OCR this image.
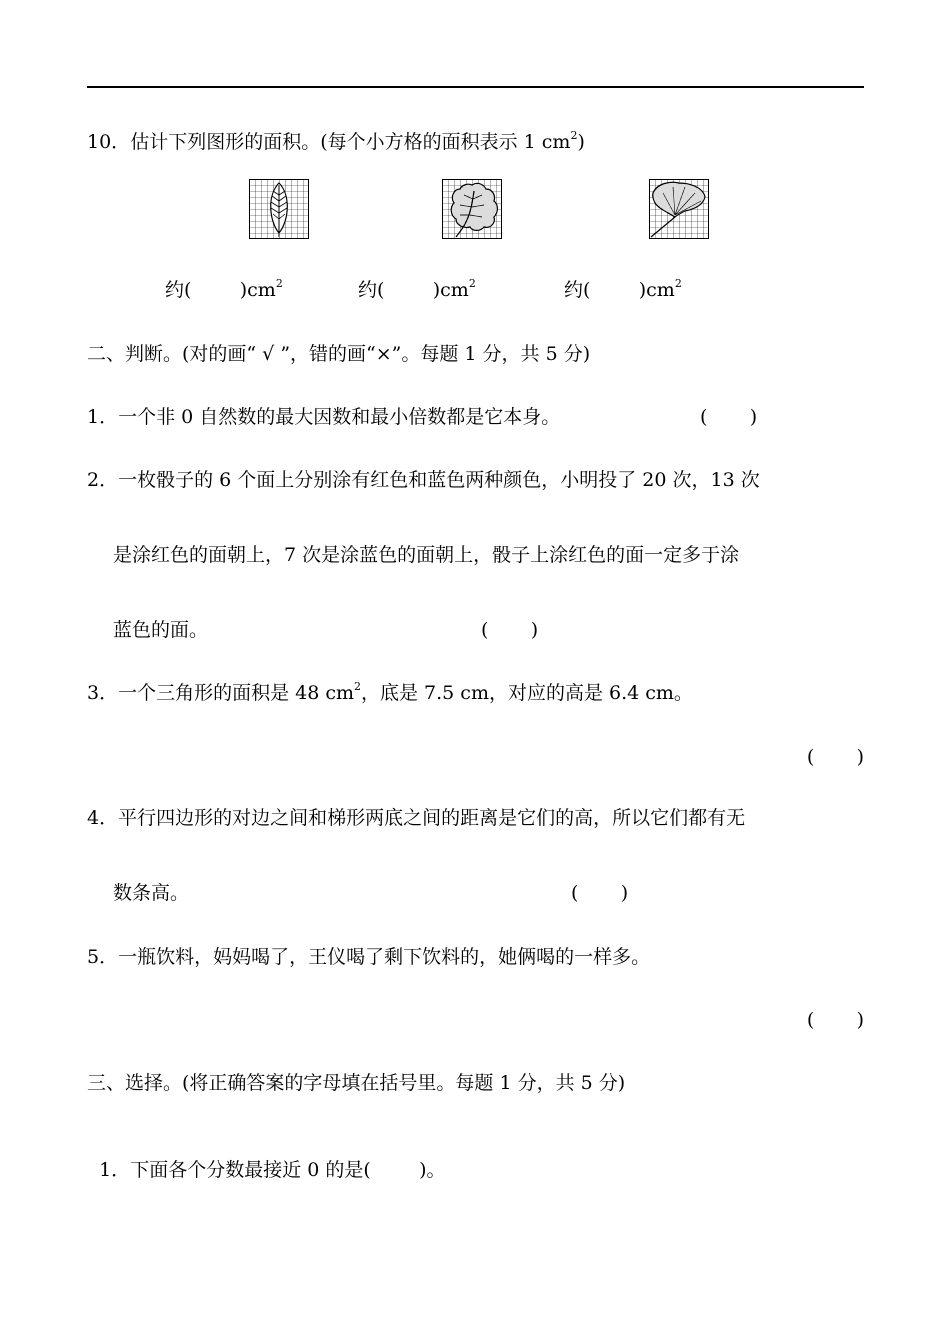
10．估计下列图形的面积。(每个小方格的面积表示 1 $cm^2$)
约(	)$cm^2$	约(	)$cm^2$	约(	)$cm^2$
二、判断。(对的画“ √ ”，错的画“×”。每题 1 分，共 5 分)
1．一个非 0 自然数的最大因数和最小倍数都是它本身。	(       )
2．一枚骰子的 6 个面上分别涂有红色和蓝色两种颜色，小明投了 20 次，13 次
是涂红色的面朝上，7 次是涂蓝色的面朝上，骰子上涂红色的面一定多于涂
蓝色的面。	(       )
3．一个三角形的面积是 48 $cm^2$，底是 7.5 cm，对应的高是 6.4 cm。
(       )
4．平行四边形的对边之间和梯形两底之间的距离是它们的高，所以它们都有无
数条高。	(       )
5．一瓶饮料，妈妈喝了，王仪喝了剩下饮料的，她俩喝的一样多。
(       )
三、选择。(将正确答案的字母填在括号里。每题 1 分，共 5 分)

1．下面各个分数最接近 0 的是(        )。
